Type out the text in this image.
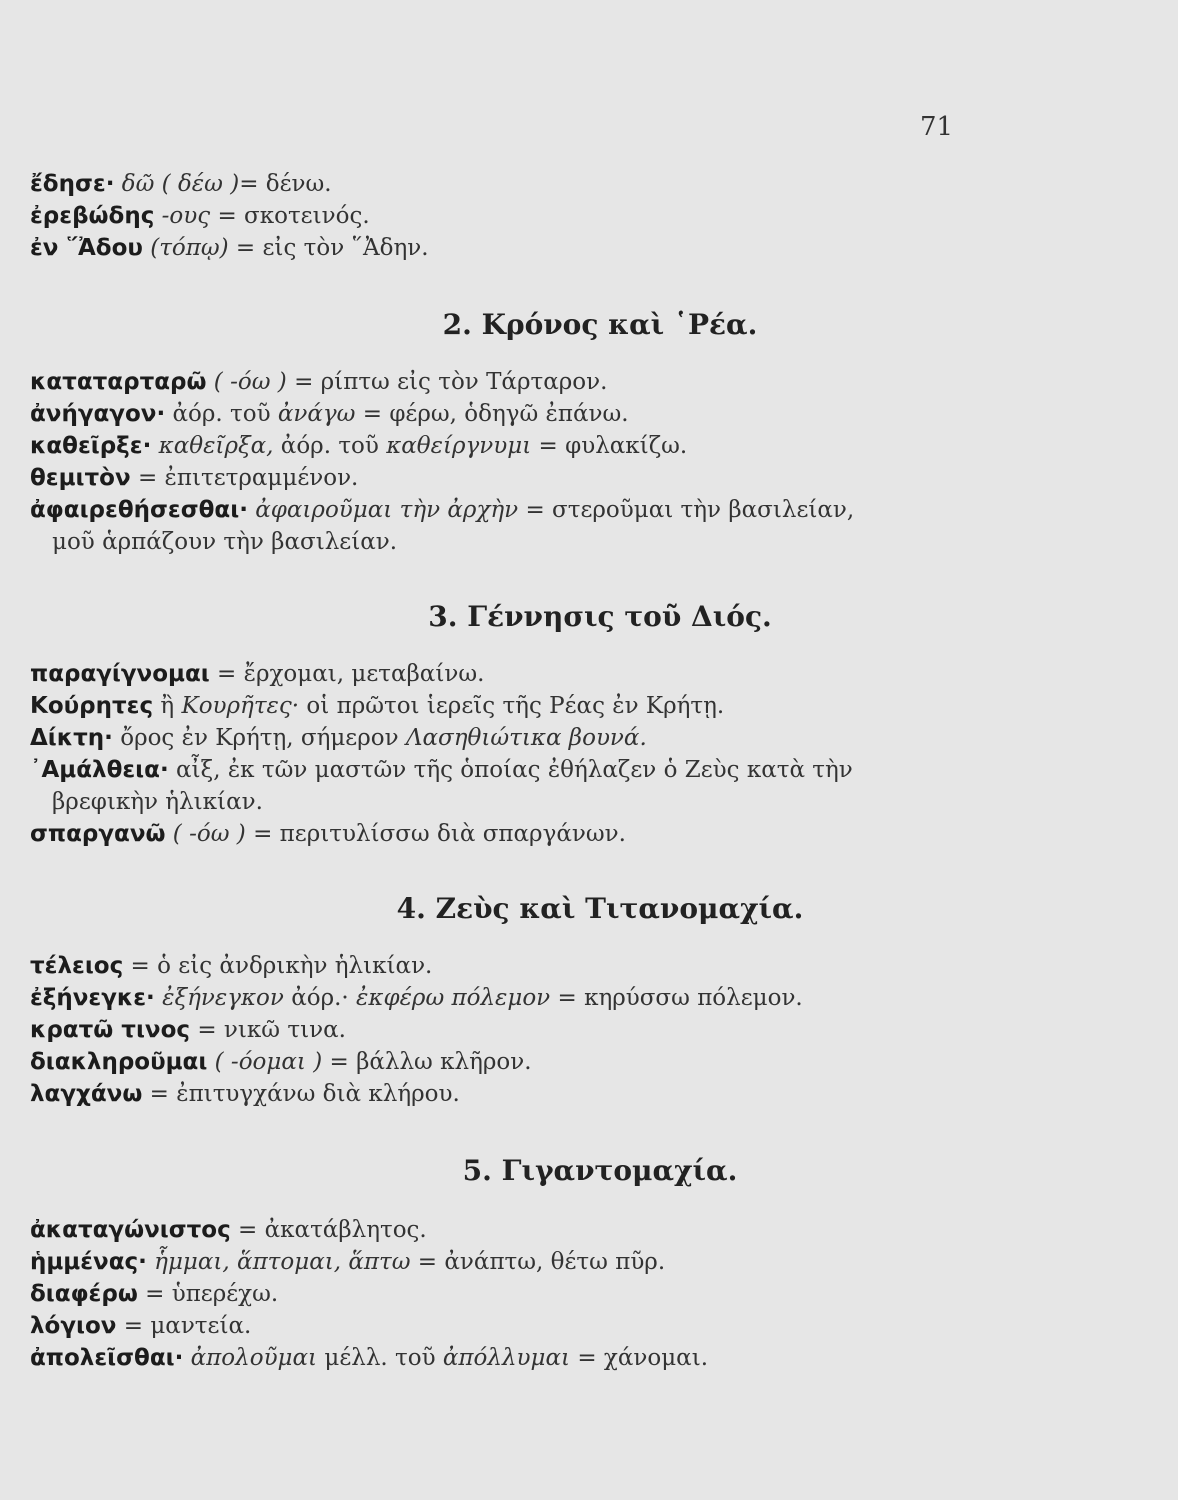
71

ἔδησε· δῶ ( δέω )= δένω.

ἐρεβώδης -ους = σκοτεινός.

ἐν ῞Ἀδου (τόπῳ) = εἰς τὸν ῞Ἀδην.

2. Κρόνος καὶ ῾Ρέα.

καταταρταρῶ ( -όω ) = ρίπτω εἰς τὸν Τάρταρον.

ἀνήγαγον· ἀόρ. τοῦ ἀνάγω = φέρω, ὁδηγῶ ἐπάνω.

καθεῖρξε· καθεῖρξα, ἀόρ. τοῦ καθείργνυμι = φυλακίζω.

θεμιτὸν = ἐπιτετραμμένον.

ἀφαιρεθήσεσθαι· ἀφαιροῦμαι τὴν ἀρχὴν = στεροῦμαι τὴν βασιλείαν,

μοῦ ἁρπάζουν τὴν βασιλείαν.

3. Γέννησις τοῦ Διός.

παραγίγνομαι = ἔρχομαι, μεταβαίνω.

Κούρητες ἢ Κουρῆτες· οἱ πρῶτοι ἱερεῖς τῆς Ρέας ἐν Κρήτῃ.

Δίκτη· ὄρος ἐν Κρήτῃ, σήμερον Λασηθιώτικα βουνά.

᾽Αμάλθεια· αἶξ, ἐκ τῶν μαστῶν τῆς ὁποίας ἐθήλαζεν ὁ Ζεὺς κατὰ τὴν

βρεφικὴν ἡλικίαν.

σπαργανῶ ( -όω ) = περιτυλίσσω διὰ σπαργάνων.

4. Ζεὺς καὶ Τιτανομαχία.

τέλειος = ὁ εἰς ἀνδρικὴν ἡλικίαν.

ἐξήνεγκε· ἐξήνεγκον ἀόρ.· ἐκφέρω πόλεμον = κηρύσσω πόλεμον.

κρατῶ τινος = νικῶ τινα.

διακληροῦμαι ( -όομαι ) = βάλλω κλῆρον.

λαγχάνω = ἐπιτυγχάνω διὰ κλήρου.

5. Γιγαντομαχία.

ἀκαταγώνιστος = ἀκατάβλητος.

ἡμμένας· ἧμμαι, ἅπτομαι, ἅπτω = ἀνάπτω, θέτω πῦρ.

διαφέρω = ὑπερέχω.

λόγιον = μαντεία.

ἀπολεῖσθαι· ἀπολοῦμαι μέλλ. τοῦ ἀπόλλυμαι = χάνομαι.
